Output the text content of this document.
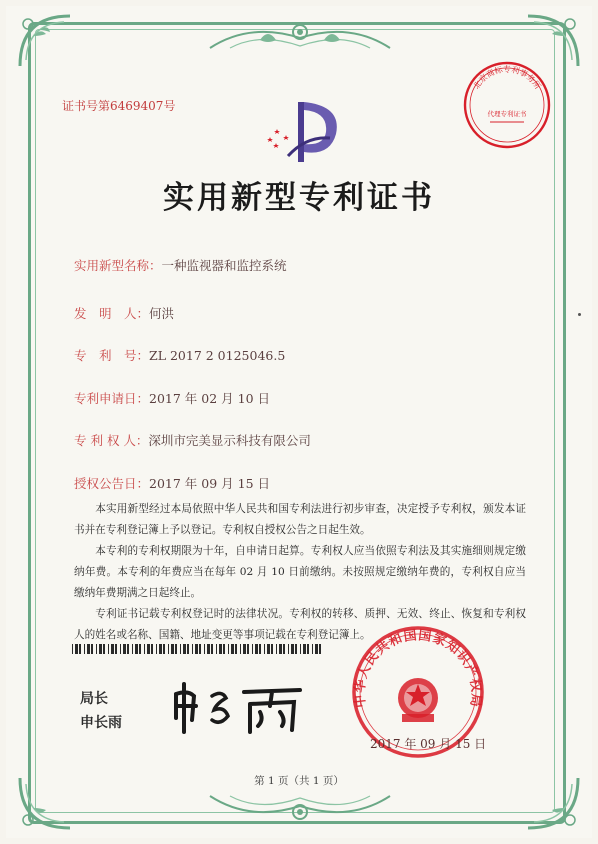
证书号第6469407号
北京商标专利事务所
代理专利证书
实用新型专利证书
实用新型名称：一种监视器和监控系统
发　明　人：何洪
专　利　号：ZL 2017 2 0125046.5
专利申请日：2017 年 02 月 10 日
专 利 权 人：深圳市完美显示科技有限公司
授权公告日：2017 年 09 月 15 日

本实用新型经过本局依照中华人民共和国专利法进行初步审查，决定授予专利权，颁发本证书并在专利登记簿上予以登记。专利权自授权公告之日起生效。

本专利的专利权期限为十年，自申请日起算。专利权人应当依照专利法及其实施细则规定缴纳年费。本专利的年费应当在每年 02 月 10 日前缴纳。未按照规定缴纳年费的，专利权自应当缴纳年费期满之日起终止。

专利证书记载专利权登记时的法律状况。专利权的转移、质押、无效、终止、恢复和专利权人的姓名或名称、国籍、地址变更等事项记载在专利登记簿上。

局长
申长雨
中华人民共和国国家知识产权局
2017 年 09 月 15 日
第 1 页（共 1 页）
